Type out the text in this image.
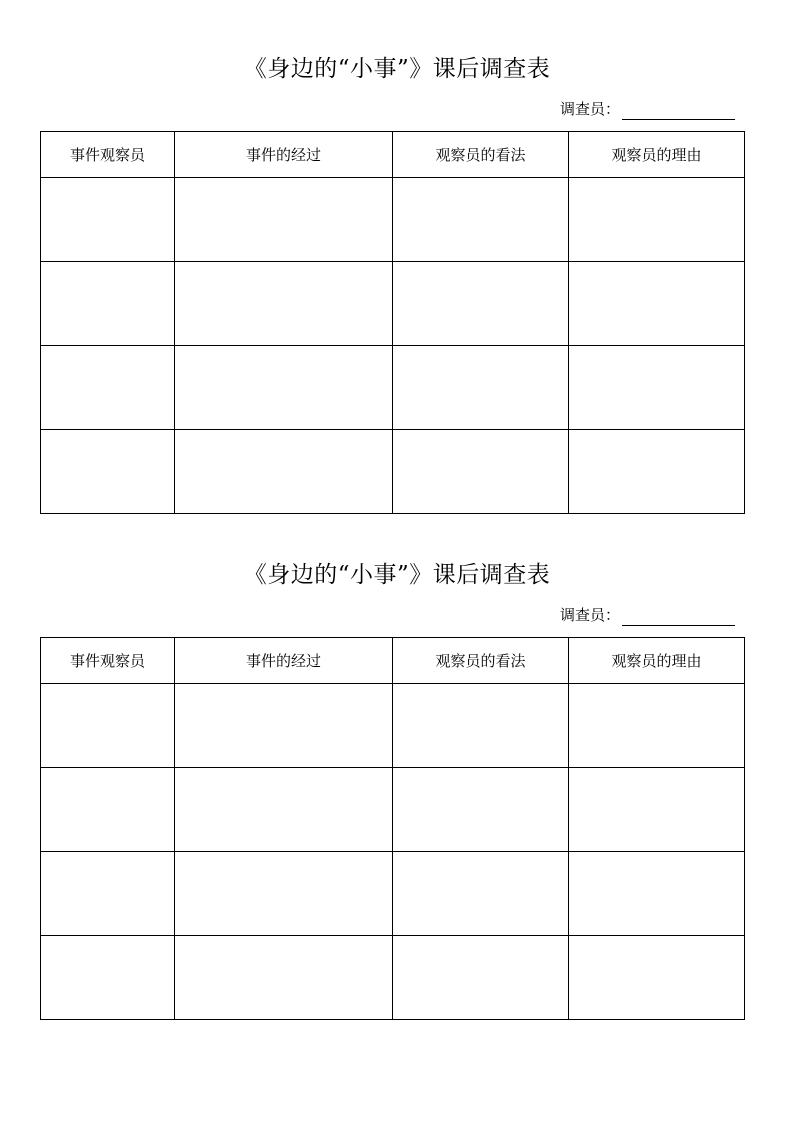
《身边的“小事”》课后调查表
调查员：
事件观察员	事件的经过	观察员的看法	观察员的理由

《身边的“小事”》课后调查表
调查员：
事件观察员	事件的经过	观察员的看法	观察员的理由
